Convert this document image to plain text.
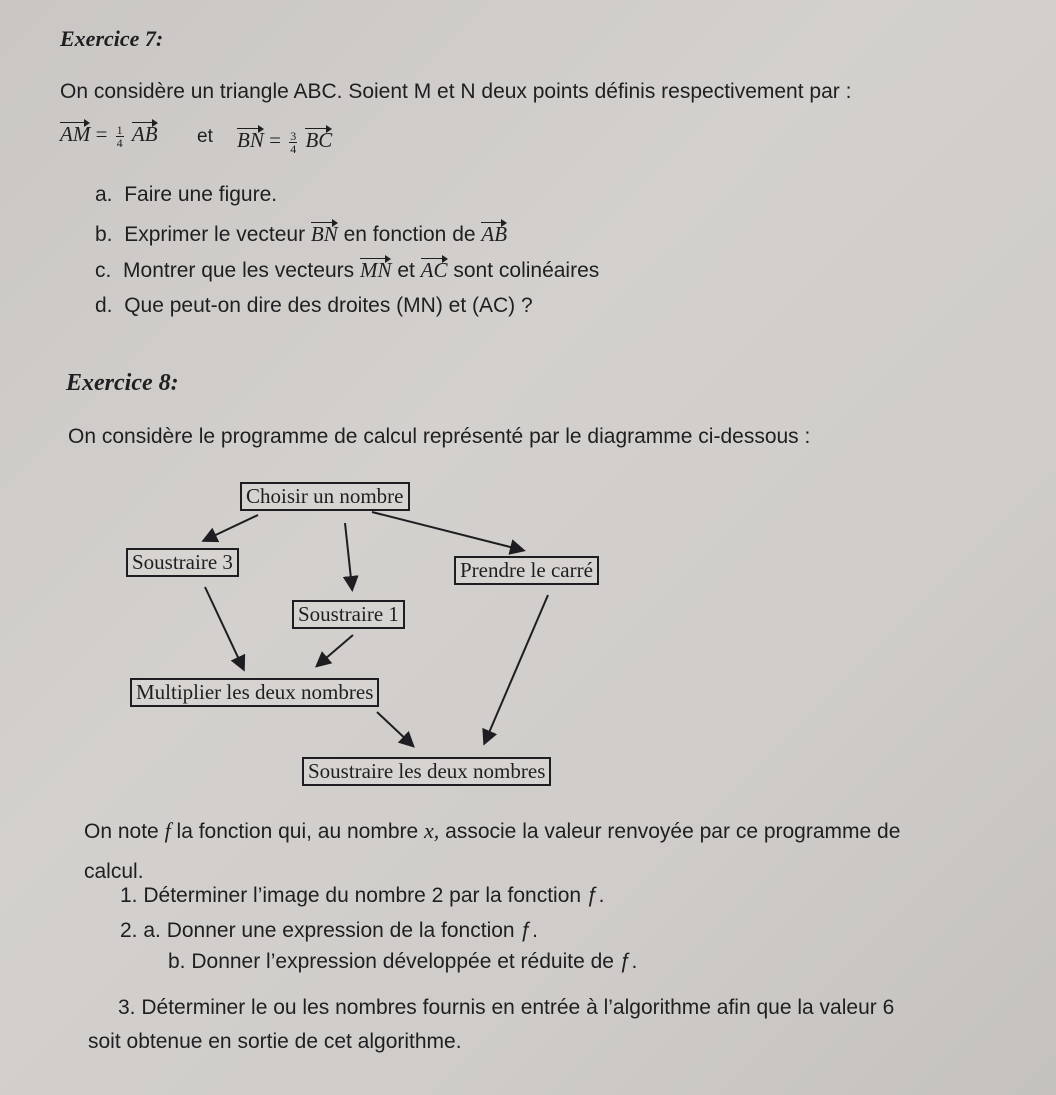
Exercice 7:
On considère un triangle ABC. Soient M et N deux points définis respectivement par :
AM = $\frac{1}{4}$ AB et BN = $\frac{3}{4}$ BC
a. Faire une figure.
b. Exprimer le vecteur BN en fonction de AB
c. Montrer que les vecteurs MN et AC sont colinéaires
d. Que peut-on dire des droites (MN) et (AC) ?
Exercice 8:
On considère le programme de calcul représenté par le diagramme ci-dessous :
Choisir un nombre
Soustraire 3	Prendre le carré
Soustraire 1
Multiplier les deux nombres
Soustraire les deux nombres
On note f la fonction qui, au nombre x, associe la valeur renvoyée par ce programme de
calcul.
1. Déterminer l’image du nombre 2 par la fonction ƒ.
2. a. Donner une expression de la fonction ƒ.
b. Donner l’expression développée et réduite de ƒ.
3. Déterminer le ou les nombres fournis en entrée à l’algorithme afin que la valeur 6
soit obtenue en sortie de cet algorithme.
